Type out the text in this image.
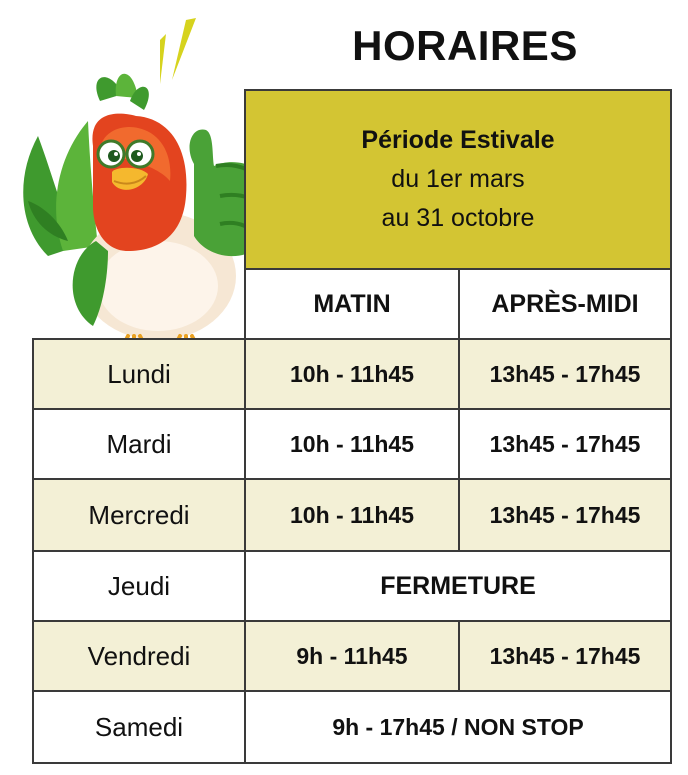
HORAIRES
Période Estivale
du 1er mars
au 31 octobre
MATIN	APRÈS-MIDI
Lundi	10h - 11h45	13h45 - 17h45
Mardi	10h - 11h45	13h45 - 17h45
Mercredi	10h - 11h45	13h45 - 17h45
Jeudi	FERMETURE
Vendredi	9h - 11h45	13h45 - 17h45
Samedi	9h - 17h45 / NON STOP
